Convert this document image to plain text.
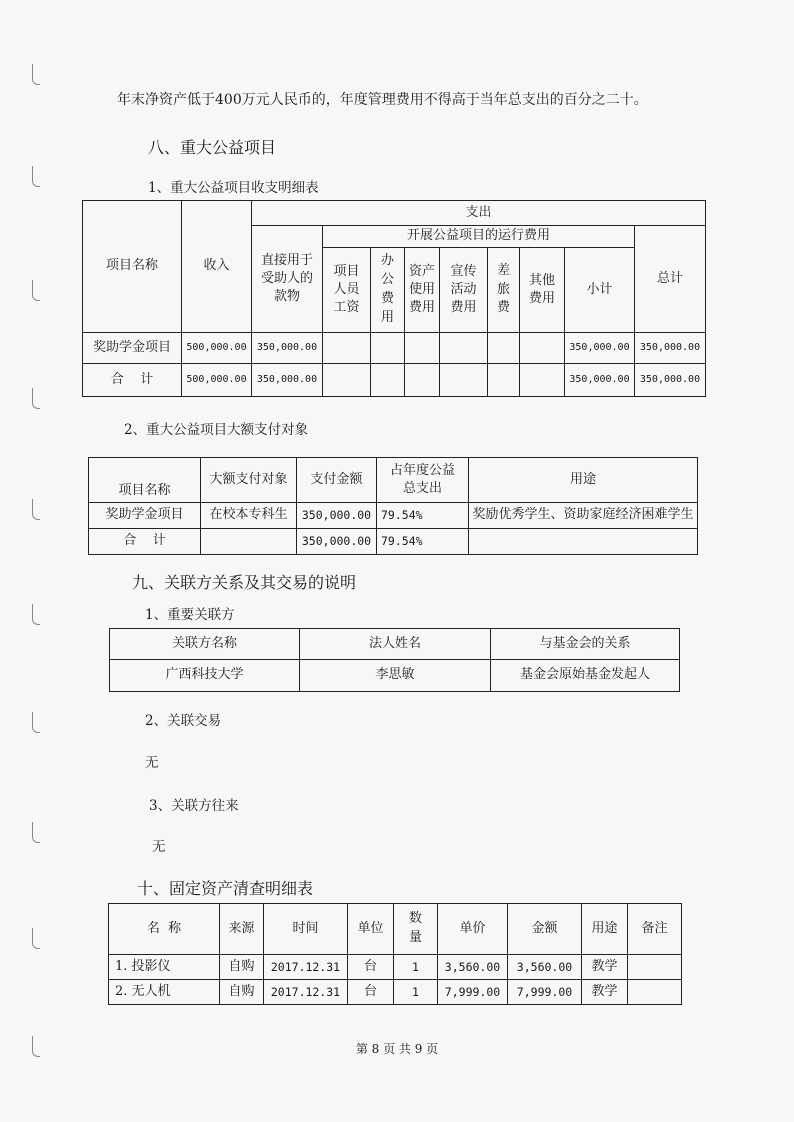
年末净资产低于400万元人民币的，年度管理费用不得高于当年总支出的百分之二十。
八、重大公益项目
1、重大公益项目收支明细表
项目名称	收入	支出								

		直接用于受助人的款物	开展公益项目的运行费用							总计

			项目人员工资	办公费用	资产使用费用	宣传活动费用	差旅费	其他费用	小计	
奖助学金项目	500,000.00	350,000.00							350,000.00	350,000.00
合    计	500,000.00	350,000.00							350,000.00	350,000.00
2、重大公益项目大额支付对象
项目名称	大额支付对象	支付金额	占年度公益总支出	用途
奖助学金项目	在校本专科生	350,000.00	79.54%	奖励优秀学生、资助家庭经济困难学生
合    计		350,000.00	79.54%	
九、关联方关系及其交易的说明
1、重要关联方
关联方名称	法人姓名	与基金会的关系
广西科技大学	李思敏	基金会原始基金发起人
2、关联交易
无
3、关联方往来
无
十、固定资产清查明细表
名  称	来源	时间	单位	数量	单价	金额	用途	备注
1. 投影仪	自购	2017.12.31	台	1	3,560.00	3,560.00	教学	
2. 无人机	自购	2017.12.31	台	1	7,999.00	7,999.00	教学	
第 8 页 共 9 页
